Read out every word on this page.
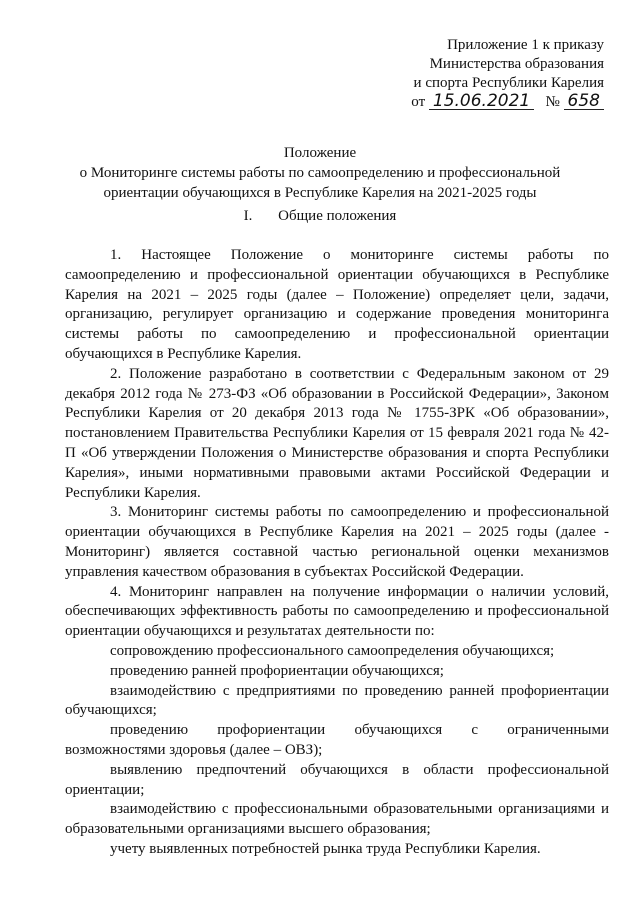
Приложение 1 к приказу
Министерства образования
и спорта Республики Карелия
от 15.06.2021 № 658
Положение
о Мониторинге системы работы по самоопределению и профессиональной ориентации обучающихся в Республике Карелия на 2021-2025 годы
I. Общие положения

1. Настоящее Положение о мониторинге системы работы по самоопределению и профессиональной ориентации обучающихся в Республике Карелия на 2021 – 2025 годы (далее – Положение) определяет цели, задачи, организацию, регулирует организацию и содержание проведения мониторинга системы работы по самоопределению и профессиональной ориентации обучающихся в Республике Карелия.

2. Положение разработано в соответствии с Федеральным законом от 29 декабря 2012 года № 273-ФЗ «Об образовании в Российской Федерации», Законом Республики Карелия от 20 декабря 2013 года № 1755-ЗРК «Об образовании», постановлением Правительства Республики Карелия от 15 февраля 2021 года № 42-П «Об утверждении Положения о Министерстве образования и спорта Республики Карелия», иными нормативными правовыми актами Российской Федерации и Республики Карелия.

3. Мониторинг системы работы по самоопределению и профессиональной ориентации обучающихся в Республике Карелия на 2021 – 2025 годы (далее - Мониторинг) является составной частью региональной оценки механизмов управления качеством образования в субъектах Российской Федерации.

4. Мониторинг направлен на получение информации о наличии условий, обеспечивающих эффективность работы по самоопределению и профессиональной ориентации обучающихся и результатах деятельности по:

сопровождению профессионального самоопределения обучающихся;

проведению ранней профориентации обучающихся;

взаимодействию с предприятиями по проведению ранней профориентации обучающихся;

проведению профориентации обучающихся с ограниченными возможностями здоровья (далее – ОВЗ);

выявлению предпочтений обучающихся в области профессиональной ориентации;

взаимодействию с профессиональными образовательными организациями и образовательными организациями высшего образования;

учету выявленных потребностей рынка труда Республики Карелия.
